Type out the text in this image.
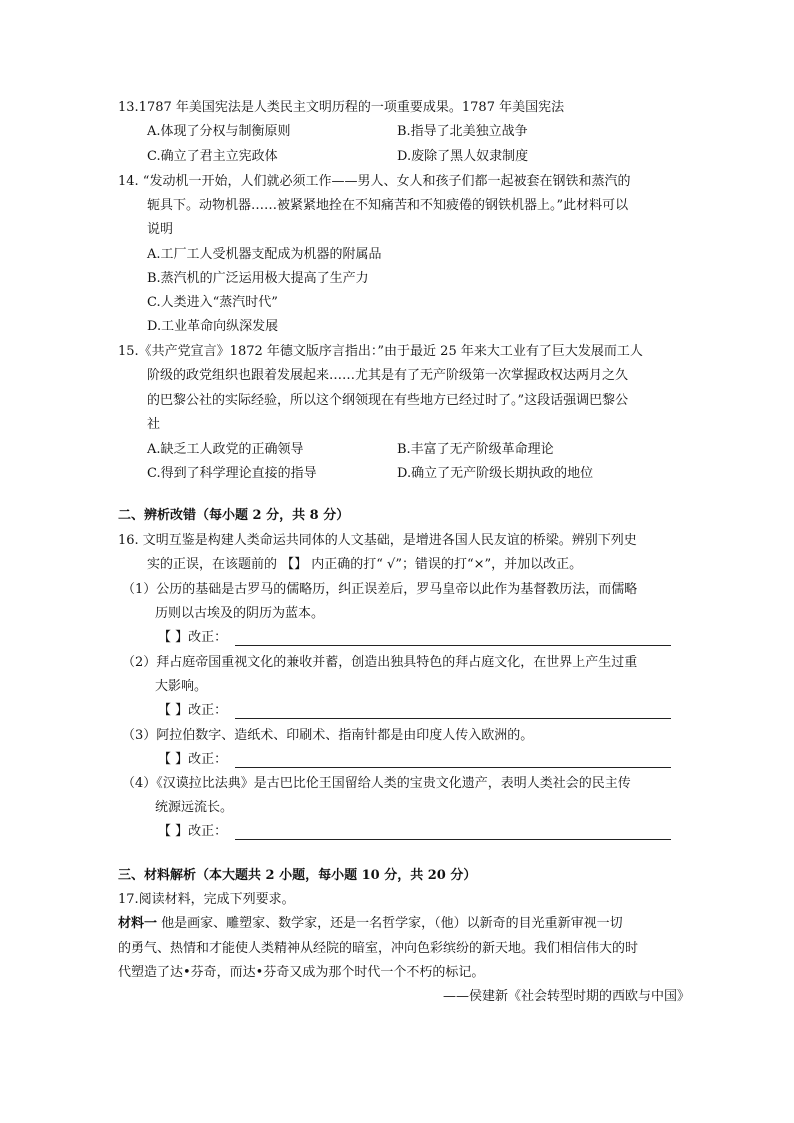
13.1787 年美国宪法是人类民主文明历程的一项重要成果。1787 年美国宪法
A.体现了分权与制衡原则	B.指导了北美独立战争
C.确立了君主立宪政体	D.废除了黑人奴隶制度
14. “发动机一开始，人们就必须工作——男人、女人和孩子们都一起被套在钢铁和蒸汽的
轭具下。动物机器……被紧紧地拴在不知痛苦和不知疲倦的钢铁机器上。”此材料可以
说明
A.工厂工人受机器支配成为机器的附属品
B.蒸汽机的广泛运用极大提高了生产力
C.人类进入“蒸汽时代”
D.工业革命向纵深发展
15.《共产党宣言》1872 年德文版序言指出：”由于最近 25 年来大工业有了巨大发展而工人
阶级的政党组织也跟着发展起来……尤其是有了无产阶级第一次掌握政权达两月之久
的巴黎公社的实际经验，所以这个纲领现在有些地方已经过时了。”这段话强调巴黎公
社
A.缺乏工人政党的正确领导	B.丰富了无产阶级革命理论
C.得到了科学理论直接的指导	D.确立了无产阶级长期执政的地位
二、辨析改错（每小题 2 分，共 8 分）
16. 文明互鉴是构建人类命运共同体的人文基础，是增进各国人民友谊的桥梁。辨别下列史
实的正误，在该题前的 【】 内正确的打“ √”；错误的打“×”，并加以改正。
（1）公历的基础是古罗马的儒略历，纠正误差后，罗马皇帝以此作为基督教历法，而儒略
历则以古埃及的阴历为蓝本。
【 】改正：
（2）拜占庭帝国重视文化的兼收并蓄，创造出独具特色的拜占庭文化，在世界上产生过重
大影响。
【 】改正：
（3）阿拉伯数字、造纸术、印刷术、指南针都是由印度人传入欧洲的。
【 】改正：
（4）《汉谟拉比法典》是古巴比伦王国留给人类的宝贵文化遗产，表明人类社会的民主传
统源远流长。
【 】改正：
三、材料解析（本大题共 2 小题，每小题 10 分，共 20 分）
17.阅读材料，完成下列要求。
材料一 他是画家、雕塑家、数学家，还是一名哲学家，（他）以新奇的目光重新审视一切
的勇气、热情和才能使人类精神从经院的暗室，冲向色彩缤纷的新天地。我们相信伟大的时
代塑造了达•芬奇，而达•芬奇又成为那个时代一个不朽的标记。
——侯建新《社会转型时期的西欧与中国》
